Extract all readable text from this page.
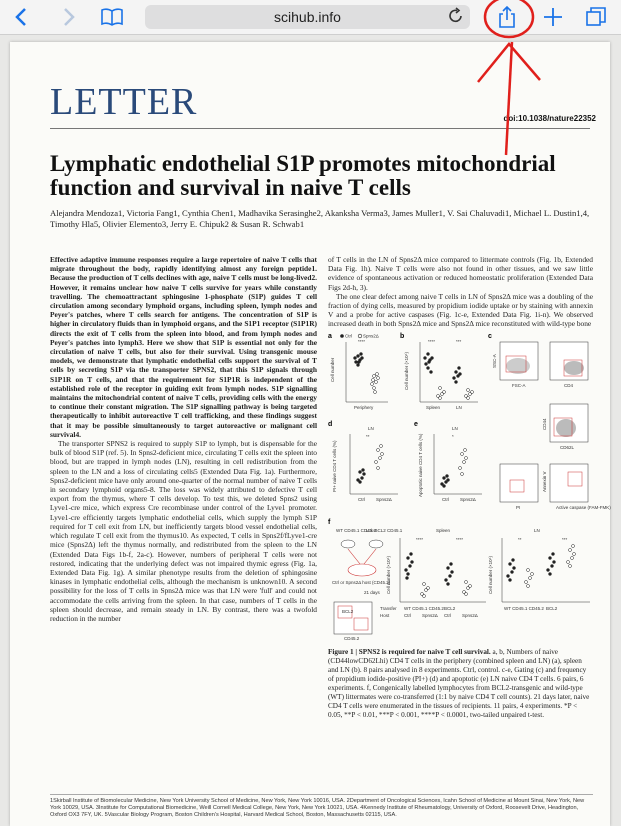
scihub.info
LETTER	doi:10.1038/nature22352
Lymphatic endothelial S1P promotes mitochondrial function and survival in naive T cells
Alejandra Mendoza1, Victoria Fang1, Cynthia Chen1, Madhavika Serasinghe2, Akanksha Verma3, James Muller1, V. Sai Chaluvadi1, Michael L. Dustin1,4, Timothy Hla5, Olivier Elemento3, Jerry E. Chipuk2 & Susan R. Schwab1
Effective adaptive immune responses require a large repertoire of naive T cells that migrate throughout the body, rapidly identifying almost any foreign peptide1. Because the production of T cells declines with age, naive T cells must be long-lived2. However, it remains unclear how naive T cells survive for years while constantly travelling. The chemoattractant sphingosine 1-phosphate (S1P) guides T cell circulation among secondary lymphoid organs, including spleen, lymph nodes and Peyer's patches, where T cells search for antigens. The concentration of S1P is higher in circulatory fluids than in lymphoid organs, and the S1P1 receptor (S1P1R) directs the exit of T cells from the spleen into blood, and from lymph nodes and Peyer's patches into lymph3. Here we show that S1P is essential not only for the circulation of naive T cells, but also for their survival. Using transgenic mouse models, we demonstrate that lymphatic endothelial cells support the survival of T cells by secreting S1P via the transporter SPNS2, that this S1P signals through S1P1R on T cells, and that the requirement for S1P1R is independent of the established role of the receptor in guiding exit from lymph nodes. S1P signalling maintains the mitochondrial content of naive T cells, providing cells with the energy to continue their constant migration. The S1P signalling pathway is being targeted therapeutically to inhibit autoreactive T cell trafficking, and these findings suggest that it may be possible simultaneously to target autoreactive or malignant cell survival4.
The transporter SPNS2 is required to supply S1P to lymph, but is dispensable for the bulk of blood S1P (ref. 5). In Spns2-deficient mice, circulating T cells exit the spleen into blood, but are trapped in lymph nodes (LN), resulting in cell redistribution from the spleen to the LN and a loss of circulating cells5 (Extended Data Fig. 1a). Furthermore, Spns2-deficient mice have only around one-quarter of the normal number of naive T cells in secondary lymphoid organs5-8. The loss was widely attributed to defective T cell export from the thymus, where T cells develop. To test this, we deleted Spns2 using Lyve1-cre mice, which express Cre recombinase under control of the Lyve1 promoter. Lyve1-cre efficiently targets lymphatic endothelial cells, which supply the lymph S1P required for T cell exit from LN, but inefficiently targets blood vessel endothelial cells, which regulate T cell exit from the thymus10. As expected, T cells in Spns2f/fLyve1-cre mice (Spns2Δ) left the thymus normally, and redistributed from the spleen to the LN (Extended Data Figs 1b-f, 2a-c). However, numbers of peripheral T cells were not restored, indicating that the underlying defect was not impaired thymic egress (Fig. 1a, Extended Data Fig. 1g). A similar phenotype results from the deletion of sphingosine kinases in lymphatic endothelial cells, although the mechanism is unknown10. A second possibility for the loss of T cells in Spns2Δ mice was that LN were 'full' and could not accommodate the cells arriving from the spleen. In that case, numbers of T cells in the spleen should decrease, and remain steady in LN. By contrast, there was a twofold reduction in the number
of T cells in the LN of Spns2Δ mice compared to littermate controls (Fig. 1b, Extended Data Fig. 1h). Naive T cells were also not found in other tissues, and we saw little evidence of spontaneous activation or reduced homeostatic proliferation (Extended Data Figs 2d-h, 3).
The one clear defect among naive T cells in LN of Spns2Δ mice was a doubling of the fraction of dying cells, measured by propidium iodide uptake or by staining with annexin V and a probe for active caspases (Fig. 1c-e, Extended Data Fig. 1i-n). We observed increased death in both Spns2Δ mice and Spns2Δ mice reconstituted with wild-type bone
Ctrl Spns2Δ
a
Cell number
Periphery
****
b
Cell number (×10⁶)
Spleen	LN
****	***
c
FSC-A
SSC-A
CD4
CD62L
CD44
PI	Active caspase (FAM-FMK)
Annexin V
d
LN
PI+ naive CD4 T cells (%)
Ctrl Spns2Δ
**
e
LN
Apoptotic naive CD4 T cells (%)
Ctrl Spns2Δ
*
f
WT CD45.1 CD45.2
Lck-BCL2 CD45.1
Ctrl or Spns2Δ host (CD45.2)
21 days
BCL2
CD45.2
Spleen	LN
Cell number (×10⁶)	Cell number (×10⁶)
Transfer
Host
WT CD45.1 CD45.2 BCL2	WT CD45.1 CD45.2 BCL2
Ctrl Spns2Δ Ctrl Spns2Δ
****	****	**	***
Figure 1 | SPNS2 is required for naive T cell survival. a, b, Numbers of naive (CD44lowCD62Lhi) CD4 T cells in the periphery (combined spleen and LN) (a), spleen and LN (b). 8 pairs analysed in 8 experiments. Ctrl, control. c-e, Gating (c) and frequency of propidium iodide-positive (PI+) (d) and apoptotic (e) LN naive CD4 T cells. 6 pairs, 6 experiments. f, Congenically labelled lymphocytes from BCL2-transgenic and wild-type (WT) littermates were co-transferred (1:1 by naive CD4 T cell counts). 21 days later, naive CD4 T cells were enumerated in the tissues of recipients. 11 pairs, 4 experiments. *P < 0.05, **P < 0.01, ***P < 0.001, ****P < 0.0001, two-tailed unpaired t-test.
1Skirball Institute of Biomolecular Medicine, New York University School of Medicine, New York, New York 10016, USA. 2Department of Oncological Sciences, Icahn School of Medicine at Mount Sinai, New York, New York 10029, USA. 3Institute for Computational Biomedicine, Weill Cornell Medical College, New York, New York 10021, USA. 4Kennedy Institute of Rheumatology, University of Oxford, Roosevelt Drive, Headington, Oxford OX3 7FY, UK. 5Vascular Biology Program, Boston Children's Hospital, Harvard Medical School, Boston, Massachusetts 02115, USA.
